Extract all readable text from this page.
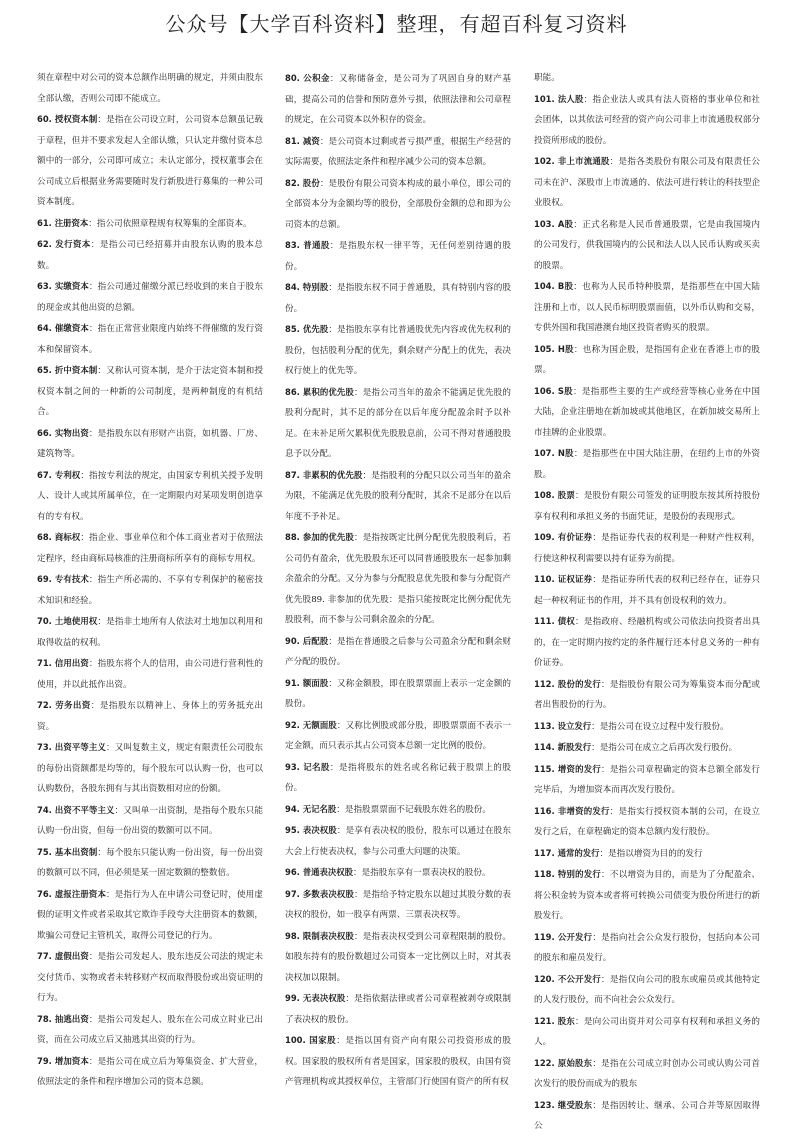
公众号【大学百科资料】整理，有超百科复习资料

须在章程中对公司的资本总额作出明确的规定，并须由股东全部认缴，否则公司即不能成立。

60. 授权资本制：是指在公司设立时，公司资本总额虽记载于章程，但并不要求发起人全部认缴，只认定并缴付资本总额中的一部分，公司即可成立；未认定部分，授权董事会在公司成立后根据业务需要随时发行新股进行募集的一种公司资本制度。

61. 注册资本：指公司依照章程规有权筹集的全部资本。

62. 发行资本：是指公司已经招募并由股东认购的股本总数。

63. 实缴资本：指公司通过催缴分派已经收到的来自于股东的现金或其他出资的总额。

64. 催缴资本：指在正常营业限度内始终不得催缴的发行资本和保留资本。

65. 折中资本制：又称认可资本制，是介于法定资本制和授权资本制之间的一种新的公司制度，是两种制度的有机结合。

66. 实物出资：是指股东以有形财产出资，如机器、厂房、建筑物等。

67. 专利权：指按专利法的规定，由国家专利机关授予发明人、设计人或其所属单位，在一定期限内对某项发明创造享有的专有权。

68. 商标权：指企业、事业单位和个体工商业者对于依照法定程序，经由商标局核准的注册商标所享有的商标专用权。

69. 专有技术：指生产所必需的、不享有专利保护的秘密技术知识和经验。

70. 土地使用权：是指非土地所有人依法对土地加以利用和取得收益的权利。

71. 信用出资：指股东将个人的信用，由公司进行营利性的使用，并以此抵作出资。

72. 劳务出资：是指股东以精神上、身体上的劳务抵充出资。

73. 出资平等主义：又叫复数主义，规定有限责任公司股东的每份出资额都是均等的，每个股东可以认购一份，也可以认购数份，各股东拥有与其出资数相对应的份额。

74. 出资不平等主义：又叫单一出资制，是指每个股东只能认购一份出资，但每一份出资的数额可以不同。

75. 基本出资制：每个股东只能认购一份出资，每一份出资的数额可以不同，但必须是某一固定数额的整数倍。

76. 虚报注册资本：是指行为人在申请公司登记时，使用虚假的证明文件或者采取其它欺诈手段夸大注册资本的数额，欺骗公司登记主管机关，取得公司登记的行为。

77. 虚假出资：是指公司发起人、股东违反公司法的规定未交付货币、实物或者未转移财产权而取得股份或出资证明的行为。

78. 抽逃出资：是指公司发起人、股东在公司成立时业已出资，而在公司成立后又抽逃其出资的行为。

79. 增加资本：是指公司在成立后为筹集资金、扩大营业，依照法定的条件和程序增加公司的资本总额。

80. 公积金：又称储备金，是公司为了巩固自身的财产基础，提高公司的信誉和预防意外亏损，依照法律和公司章程的规定，在公司资本以外积存的资金。

81. 减资：是公司资本过剩或者亏损严重，根据生产经营的实际需要，依照法定条件和程序减少公司的资本总额。

82. 股份：是股份有限公司资本构成的最小单位，即公司的全部资本分为金额均等的股份，全部股份金额的总和即为公司资本的总额。

83. 普通股：是指股东权一律平等，无任何差别待遇的股份。

84. 特别股：是指股东权不同于普通股，具有特别内容的股份。

85. 优先股：是指股东享有比普通股优先内容或优先权利的股份，包括股利分配的优先，剩余财产分配上的优先，表决权行使上的优先等。

86. 累积的优先股：是指公司当年的盈余不能满足优先股的股利分配时，其不足的部分在以后年度分配盈余时予以补足。在未补足所欠累积优先股股息前，公司不得对普通股股息予以分配。

87. 非累积的优先股：是指股利的分配只以公司当年的盈余为限，不能满足优先股的股利分配时，其余不足部分在以后年度不予补足。

88. 参加的优先股：是指按既定比例分配优先股股利后，若公司仍有盈余，优先股股东还可以同普通股股东一起参加剩余盈余的分配。又分为参与分配股息优先股和参与分配资产优先股89. 非参加的优先股：是指只能按既定比例分配优先股股利，而不参与公司剩余盈余的分配。

90. 后配股：是指在普通股之后参与公司盈余分配和剩余财产分配的股份。

91. 额面股：又称金额股，即在股票票面上表示一定金额的股份。

92. 无额面股：又称比例股或部分股，即股票票面不表示一定金额，而只表示其占公司资本总额一定比例的股份。

93. 记名股：是指将股东的姓名或名称记载于股票上的股份。

94. 无记名股：是指股票票面不记载股东姓名的股份。

95. 表决权股：是享有表决权的股份，股东可以通过在股东大会上行使表决权，参与公司重大问题的决策。

96. 普通表决权股：是指股东享有一票表决权的股份。

97. 多数表决权股：是指给予特定股东以超过其股分数的表决权的股份，如一股享有两票、三票表决权等。

98. 限制表决权股：是指表决权受到公司章程限制的股份。如股东持有的股份数超过公司资本一定比例以上时，对其表决权加以限制。

99. 无表决权股：是指依据法律或者公司章程被剥夺或限制了表决权的股份。

100. 国家股：是指以国有资产向有限公司投资形成的股权。国家股的股权所有者是国家，国家股的股权，由国有资产管理机构或其授权单位，主管部门行使国有资产的所有权

职能。

101. 法人股：指企业法人或具有法人资格的事业单位和社会团体，以其依法可经营的资产向公司非上市流通股权部分投资所形成的股份。

102. 非上市流通股：是指各类股份有限公司及有限责任公司未在沪、深股市上市流通的、依法可进行转让的科技型企业股权。

103. A股：正式名称是人民币普通股票，它是由我国境内的公司发行，供我国境内的公民和法人以人民币认购或买卖的股票。

104. B股：也称为人民币特种股票，是指那些在中国大陆注册和上市，以人民币标明股票面值，以外币认购和交易，专供外国和我国港澳台地区投资者购买的股票。

105. H股：也称为国企股，是指国有企业在香港上市的股票。

106. S股：是指那些主要的生产或经营等核心业务在中国大陆，企业注册地在新加坡或其他地区，在新加坡交易所上市挂牌的企业股票。

107. N股：是指那些在中国大陆注册，在纽约上市的外资股。

108. 股票：是股份有限公司签发的证明股东按其所持股份享有权利和承担义务的书面凭证，是股份的表现形式。

109. 有价证券：是指证券代表的权利是一种财产性权利，行使这种权利需要以持有证券为前提。

110. 证权证券：是指证券所代表的权利已经存在，证券只起一种权利证书的作用，并不具有创设权利的效力。

111. 债权：是指政府、经融机构或公司依法向投资者出具的，在一定时期内按约定的条件履行还本付息义务的一种有价证券。

112. 股份的发行：是指股份有限公司为筹集资本而分配或者出售股份的行为。

113. 设立发行：是指公司在设立过程中发行股份。

114. 新股发行：是指公司在成立之后再次发行股份。

115. 增资的发行：是指公司章程确定的资本总额全部发行完毕后，为增加资本而再次发行股份。

116. 非增资的发行：是指实行授权资本制的公司，在设立发行之后，在章程确定的资本总额内发行股份。

117. 通常的发行：是指以增资为目的的发行

118. 特别的发行：不以增资为目的，而是为了分配盈余、将公积金转为资本或者将可转换公司债变为股份所进行的新股发行。

119. 公开发行：是指向社会公众发行股份，包括向本公司的股东和雇员发行。

120. 不公开发行：是指仅向公司的股东或雇员或其他特定的人发行股份，而不向社会公众发行。

121. 股东：是向公司出资并对公司享有权利和承担义务的人。

122. 原始股东：是指在公司成立时创办公司或认购公司首次发行的股份而成为的股东

123. 继受股东：是指因转让、继承、公司合并等原因取得公
